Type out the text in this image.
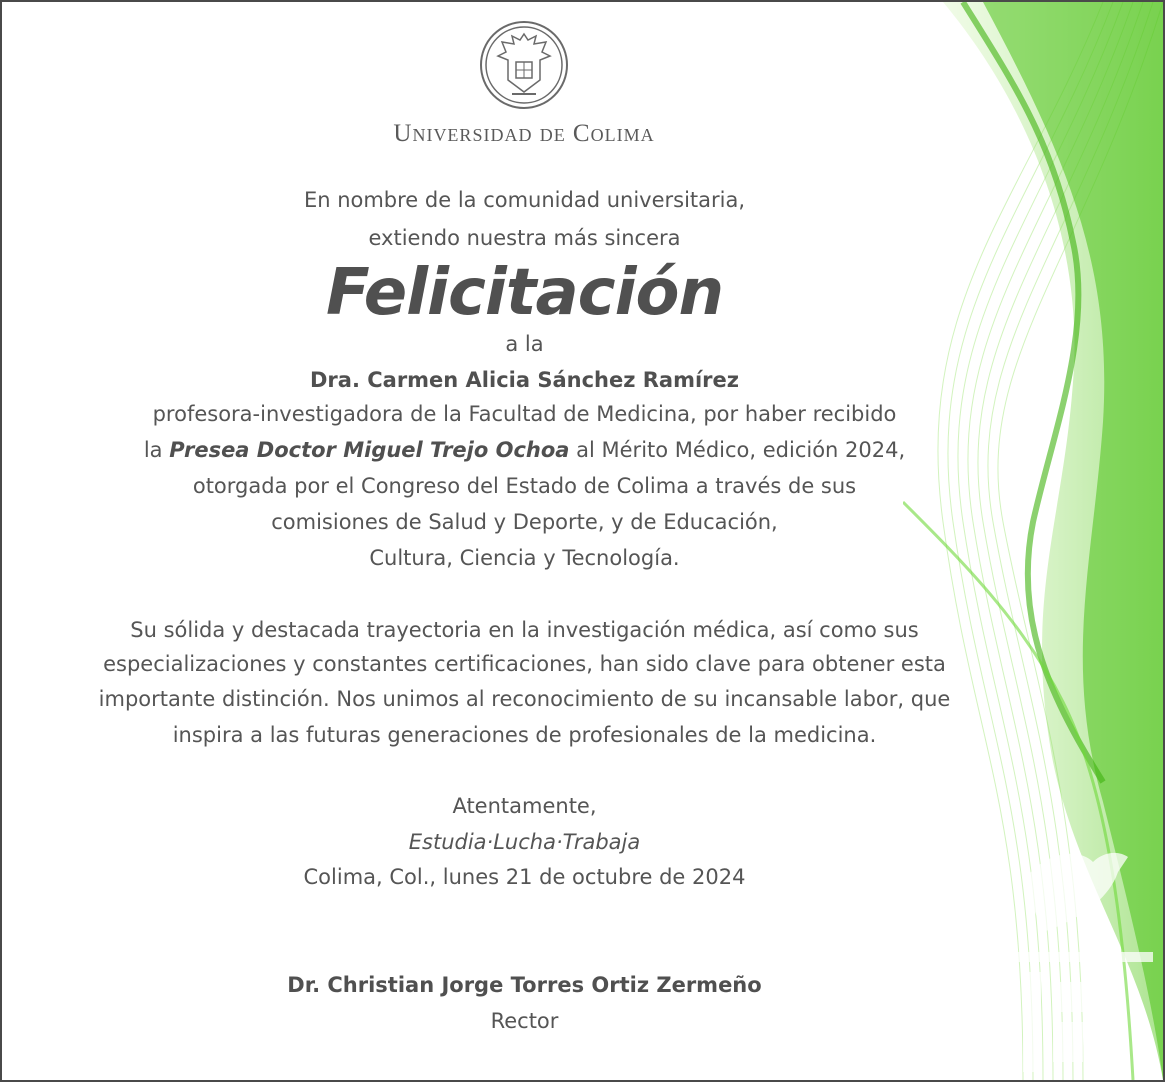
Universidad de Colima
En nombre de la comunidad universitaria,
extiendo nuestra más sincera
Felicitación
a la
Dra. Carmen Alicia Sánchez Ramírez
profesora-investigadora de la Facultad de Medicina, por haber recibido
la Presea Doctor Miguel Trejo Ochoa al Mérito Médico, edición 2024,
otorgada por el Congreso del Estado de Colima a través de sus
comisiones de Salud y Deporte, y de Educación,
Cultura, Ciencia y Tecnología.
Su sólida y destacada trayectoria en la investigación médica, así como sus
especializaciones y constantes certificaciones, han sido clave para obtener esta
importante distinción. Nos unimos al reconocimiento de su incansable labor, que
inspira a las futuras generaciones de profesionales de la medicina.
Atentamente,
Estudia·Lucha·Trabaja
Colima, Col., lunes 21 de octubre de 2024
Dr. Christian Jorge Torres Ortiz Zermeño
Rector
